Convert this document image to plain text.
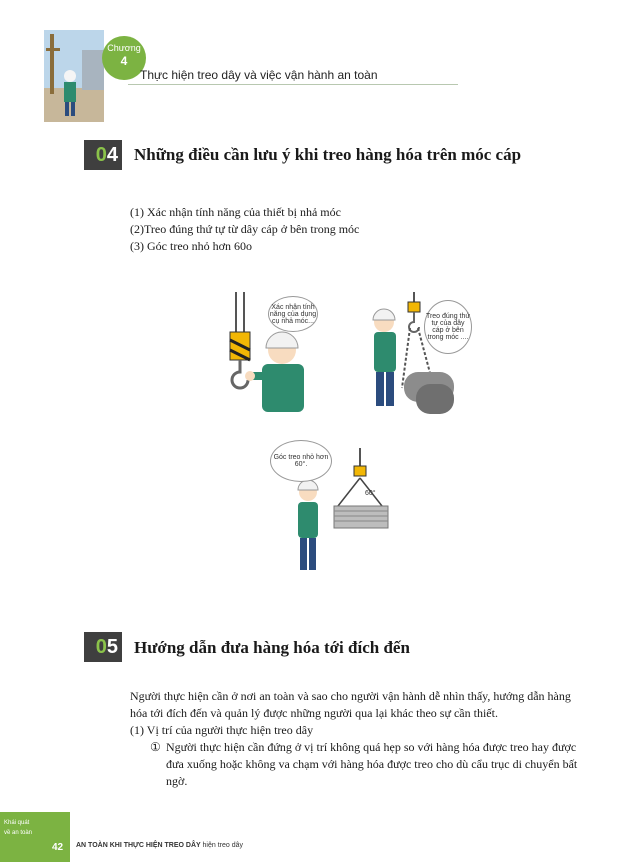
Chương
4
Thực hiện treo dây và việc vận hành an toàn
04 Những điều cần lưu ý khi treo hàng hóa trên móc cáp
(1) Xác nhận tính năng của thiết bị nhả móc
(2)Treo đúng thứ tự từ dây cáp ở bên trong móc
(3) Góc treo nhỏ hơn 60o
Xác nhận tính năng của dụng cụ nhả móc...
Treo đúng thứ tự của dây cáp ở bên trong móc ....
60°
Góc treo nhỏ hơn 60°.
05 Hướng dẫn đưa hàng hóa tới đích đến
Người thực hiện cần ở nơi an toàn và sao cho người vận hành dễ nhìn thấy, hướng dẫn hàng hóa tới đích đến và quản lý được những người qua lại khác theo sự cần thiết.
(1) Vị trí của người thực hiện treo dây
① Người thực hiện cần đứng ở vị trí không quá hẹp so với hàng hóa được treo hay được đưa xuống hoặc không va chạm với hàng hóa được treo cho dù cẩu trục di chuyển bất ngờ.
Khái quát
về an toàn
42 AN TOÀN KHI THỰC HIỆN TREO DÂY hiện treo dây
